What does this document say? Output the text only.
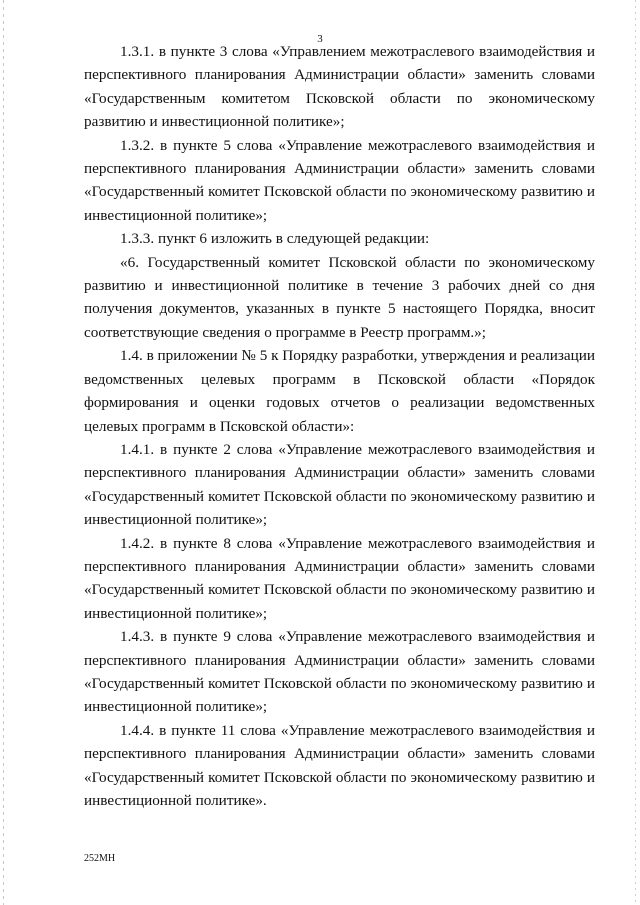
3

1.3.1. в пункте 3 слова «Управлением межотраслевого взаимодействия и перспективного планирования Администрации области» заменить словами «Государственным комитетом Псковской области по экономическому развитию и инвестиционной политике»;

1.3.2. в пункте 5 слова «Управление межотраслевого взаимодействия и перспективного планирования Администрации области» заменить словами «Государственный комитет Псковской области по экономическому развитию и инвестиционной политике»;

1.3.3. пункт 6 изложить в следующей редакции:

«6. Государственный комитет Псковской области по экономическому развитию и инвестиционной политике в течение 3 рабочих дней со дня получения документов, указанных в пункте 5 настоящего Порядка, вносит соответствующие сведения о программе в Реестр программ.»;

1.4. в приложении № 5 к Порядку разработки, утверждения и реализации ведомственных целевых программ в Псковской области «Порядок формирования и оценки годовых отчетов о реализации ведомственных целевых программ в Псковской области»:

1.4.1. в пункте 2 слова «Управление межотраслевого взаимодействия и перспективного планирования Администрации области» заменить словами «Государственный комитет Псковской области по экономическому развитию и инвестиционной политике»;

1.4.2. в пункте 8 слова «Управление межотраслевого взаимодействия и перспективного планирования Администрации области» заменить словами «Государственный комитет Псковской области по экономическому развитию и инвестиционной политике»;

1.4.3. в пункте 9 слова «Управление межотраслевого взаимодействия и перспективного планирования Администрации области» заменить словами «Государственный комитет Псковской области по экономическому развитию и инвестиционной политике»;

1.4.4. в пункте 11 слова «Управление межотраслевого взаимодействия и перспективного планирования Администрации области» заменить словами «Государственный комитет Псковской области по экономическому развитию и инвестиционной политике».

252МН
